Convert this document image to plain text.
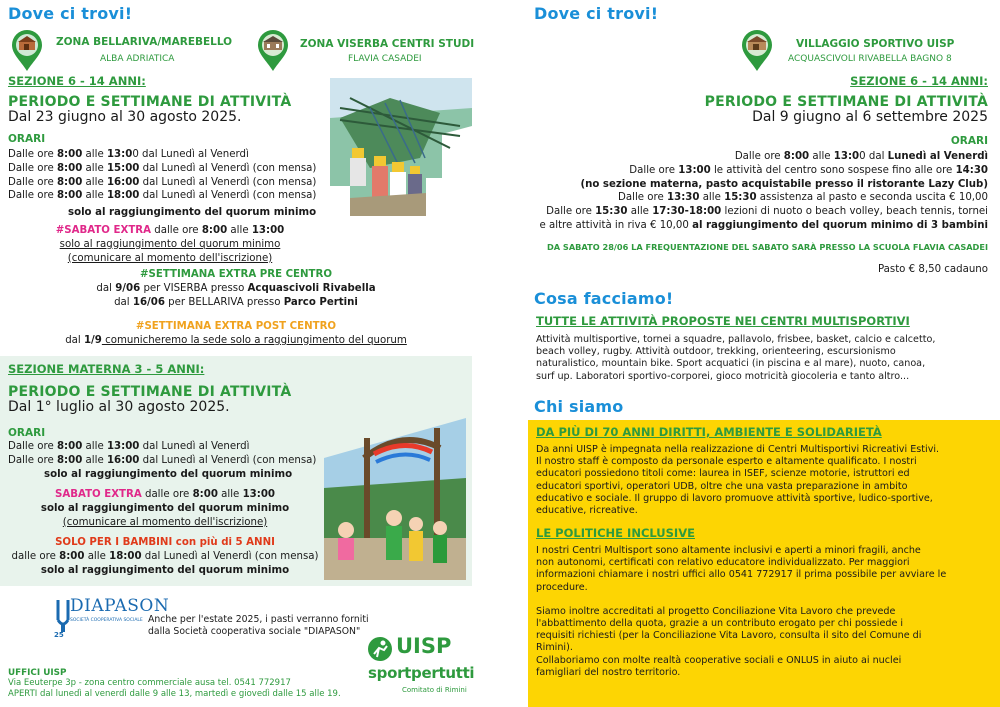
Dove ci trovi!
ZONA BELLARIVA/MAREBELLO
ALBA ADRIATICA
ZONA VISERBA CENTRI STUDI
FLAVIA CASADEI
SEZIONE 6 - 14 ANNI:
PERIODO E SETTIMANE DI ATTIVITÀ
Dal 23 giugno al 30 agosto 2025.
ORARI
Dalle ore 8:00 alle 13:00 dal Lunedì al Venerdì
Dalle ore 8:00 alle 15:00 dal Lunedì al Venerdì (con mensa)
Dalle ore 8:00 alle 16:00 dal Lunedì al Venerdì (con mensa)
Dalle ore 8:00 alle 18:00 dal Lunedì al Venerdì (con mensa)
solo al raggiungimento del quorum minimo
#SABATO EXTRA dalle ore 8:00 alle 13:00
solo al raggiungimento del quorum minimo
(comunicare al momento dell'iscrizione)
#SETTIMANA EXTRA PRE CENTRO
dal 9/06 per VISERBA presso Acquascivoli Rivabella
dal 16/06 per BELLARIVA presso Parco Pertini
#SETTIMANA EXTRA POST CENTRO
dal 1/9 comunicheremo la sede solo a raggiungimento del quorum
SEZIONE MATERNA 3 - 5 ANNI:
PERIODO E SETTIMANE DI ATTIVITÀ
Dal 1° luglio al 30 agosto 2025.
ORARI
Dalle ore 8:00 alle 13:00 dal Lunedì al Venerdì
Dalle ore 8:00 alle 16:00 dal Lunedì al Venerdì (con mensa)
solo al raggiungimento del quorum minimo
SABATO EXTRA dalle ore 8:00 alle 13:00
solo al raggiungimento del quorum minimo
(comunicare al momento dell'iscrizione)
SOLO PER I BAMBINI con più di 5 ANNI
dalle ore 8:00 alle 18:00 dal Lunedì al Venerdì (con mensa)
solo al raggiungimento del quorum minimo
25
DIAPASON
SOCIETÀ COOPERATIVA SOCIALE Anche per l'estate 2025, i pasti verranno forniti
dalla Società cooperativa sociale "DIAPASON"
UFFICI UISP
Via Eeuterpe 3p - zona centro commerciale ausa tel. 0541 772917
APERTI dal lunedì al venerdì dalle 9 alle 13, martedì e giovedì dalle 15 alle 19.
UISP
sportpertutti
Comitato di Rimini
Dove ci trovi!
VILLAGGIO SPORTIVO UISP
ACQUASCIVOLI RIVABELLA BAGNO 8
SEZIONE 6 - 14 ANNI:
PERIODO E SETTIMANE DI ATTIVITÀ
Dal 9 giugno al 6 settembre 2025
ORARI
Dalle ore 8:00 alle 13:00 dal Lunedì al Venerdì
Dalle ore 13:00 le attività del centro sono sospese fino alle ore 14:30
(no sezione materna, pasto acquistabile presso il ristorante Lazy Club)
Dalle ore 13:30 alle 15:30 assistenza al pasto e seconda uscita € 10,00
Dalle ore 15:30 alle 17:30-18:00 lezioni di nuoto o beach volley, beach tennis, tornei
e altre attività in riva € 10,00 al raggiungimento del quorum minimo di 3 bambini
DA SABATO 28/06 LA FREQUENTAZIONE DEL SABATO SARÀ PRESSO LA SCUOLA FLAVIA CASADEI
Pasto € 8,50 cadauno
Cosa facciamo!
TUTTE LE ATTIVITÀ PROPOSTE NEI CENTRI MULTISPORTIVI
Attività multisportive, tornei a squadre, pallavolo, frisbee, basket, calcio e calcetto,
beach volley, rugby. Attività outdoor, trekking, orienteering, escursionismo
naturalistico, mountain bike. Sport acquatici (in piscina e al mare), nuoto, canoa,
surf up. Laboratori sportivo-corporei, gioco motricità giocoleria e tanto altro...
Chi siamo
DA PIÙ DI 70 ANNI DIRITTI, AMBIENTE E SOLIDARIETÀ
Da anni UISP è impegnata nella realizzazione di Centri Multisportivi Ricreativi Estivi.
Il nostro staff è composto da personale esperto e altamente qualificato. I nostri
educatori possiedono titoli come: laurea in ISEF, scienze motorie, istruttori ed
educatori sportivi, operatori UDB, oltre che una vasta preparazione in ambito
educativo e sociale. Il gruppo di lavoro promuove attività sportive, ludico-sportive,
educative, ricreative.
LE POLITICHE INCLUSIVE
I nostri Centri Multisport sono altamente inclusivi e aperti a minori fragili, anche
non autonomi, certificati con relativo educatore individualizzato. Per maggiori
informazioni chiamare i nostri uffici allo 0541 772917 il prima possibile per avviare le
procedure.
Siamo inoltre accreditati al progetto Conciliazione Vita Lavoro che prevede
l'abbattimento della quota, grazie a un contributo erogato per chi possiede i
requisiti richiesti (per la Conciliazione Vita Lavoro, consulta il sito del Comune di
Rimini).
Collaboriamo con molte realtà cooperative sociali e ONLUS in aiuto ai nuclei
famigliari del nostro territorio.
